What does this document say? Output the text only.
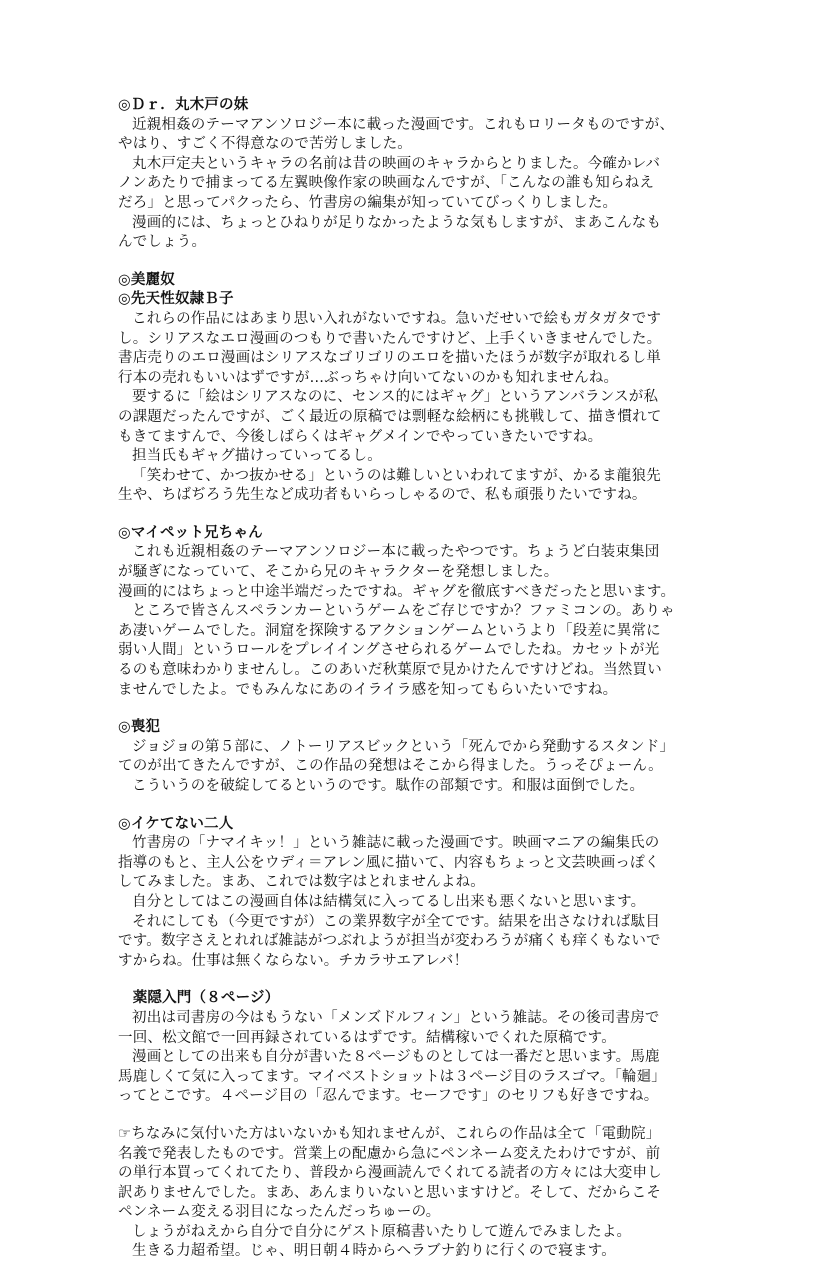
◎Ｄｒ．丸木戸の妹
近親相姦のテーマアンソロジー本に載った漫画です。これもロリータものですが、
やはり、すごく不得意なので苦労しました。
丸木戸定夫というキャラの名前は昔の映画のキャラからとりました。今確かレバ
ノンあたりで捕まってる左翼映像作家の映画なんですが、「こんなの誰も知らねえ
だろ」と思ってパクったら、竹書房の編集が知っていてびっくりしました。
漫画的には、ちょっとひねりが足りなかったような気もしますが、まあこんなも
んでしょう。
◎美麗奴
◎先天性奴隷Ｂ子
これらの作品にはあまり思い入れがないですね。急いだせいで絵もガタガタです
し。シリアスなエロ漫画のつもりで書いたんですけど、上手くいきませんでした。
書店売りのエロ漫画はシリアスなゴリゴリのエロを描いたほうが数字が取れるし単
行本の売れもいいはずですが…ぶっちゃけ向いてないのかも知れませんね。
要するに「絵はシリアスなのに、センス的にはギャグ」というアンバランスが私
の課題だったんですが、ごく最近の原稿では剽軽な絵柄にも挑戦して、描き慣れて
もきてますんで、今後しばらくはギャグメインでやっていきたいですね。
担当氏もギャグ描けっていってるし。
「笑わせて、かつ抜かせる」というのは難しいといわれてますが、かるま龍狼先
生や、ちばぢろう先生など成功者もいらっしゃるので、私も頑張りたいですね。
◎マイペット兄ちゃん
これも近親相姦のテーマアンソロジー本に載ったやつです。ちょうど白装束集団
が騒ぎになっていて、そこから兄のキャラクターを発想しました。
漫画的にはちょっと中途半端だったですね。ギャグを徹底すべきだったと思います。
ところで皆さんスペランカーというゲームをご存じですか？ファミコンの。ありゃ
あ凄いゲームでした。洞窟を探険するアクションゲームというより「段差に異常に
弱い人間」というロールをプレイイングさせられるゲームでしたね。カセットが光
るのも意味わかりませんし。このあいだ秋葉原で見かけたんですけどね。当然買い
ませんでしたよ。でもみんなにあのイライラ感を知ってもらいたいですね。
◎喪犯
ジョジョの第５部に、ノトーリアスビックという「死んでから発動するスタンド」
てのが出てきたんですが、この作品の発想はそこから得ました。うっそぴょーん。
こういうのを破綻してるというのです。駄作の部類です。和服は面倒でした。
◎イケてない二人
竹書房の「ナマイキッ！」という雑誌に載った漫画です。映画マニアの編集氏の
指導のもと、主人公をウディ＝アレン風に描いて、内容もちょっと文芸映画っぽく
してみました。まあ、これでは数字はとれませんよね。
自分としてはこの漫画自体は結構気に入ってるし出来も悪くないと思います。
それにしても（今更ですが）この業界数字が全てです。結果を出さなければ駄目
です。数字さえとれれば雑誌がつぶれようが担当が変わろうが痛くも痒くもないで
すからね。仕事は無くならない。チカラサエアレバ！
　薬隠入門（８ページ）
初出は司書房の今はもうない「メンズドルフィン」という雑誌。その後司書房で
一回、松文館で一回再録されているはずです。結構稼いでくれた原稿です。
漫画としての出来も自分が書いた８ページものとしては一番だと思います。馬鹿
馬鹿しくて気に入ってます。マイベストショットは３ページ目のラスゴマ。「輪廻」
ってとこです。４ページ目の「忍んでます。セーフです」のセリフも好きですね。
☞ちなみに気付いた方はいないかも知れませんが、これらの作品は全て「電動院」
名義で発表したものです。営業上の配慮から急にペンネーム変えたわけですが、前
の単行本買ってくれてたり、普段から漫画読んでくれてる読者の方々には大変申し
訳ありませんでした。まあ、あんまりいないと思いますけど。そして、だからこそ
ペンネーム変える羽目になったんだっちゅーの。
しょうがねえから自分で自分にゲスト原稿書いたりして遊んでみましたよ。
生きる力超希望。じゃ、明日朝４時からヘラブナ釣りに行くので寝ます。
